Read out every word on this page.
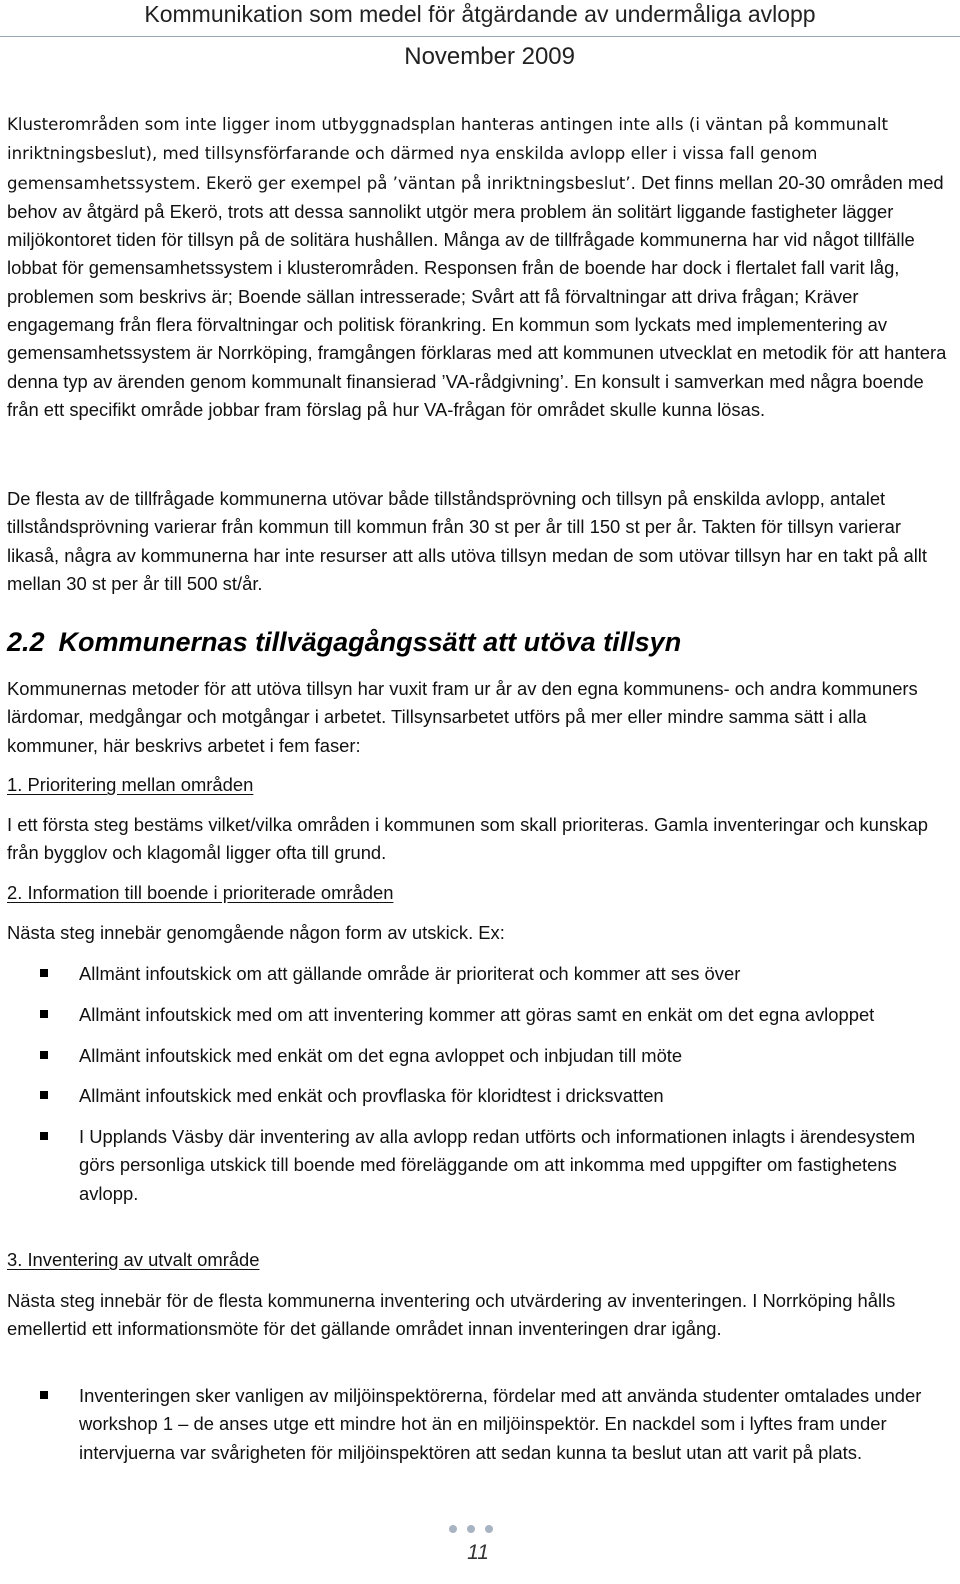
Kommunikation som medel för åtgärdande av undermåliga avlopp
November 2009

Klusterområden som inte ligger inom utbyggnadsplan hanteras antingen inte alls (i väntan på kommunalt inriktningsbeslut), med tillsynsförfarande och därmed nya enskilda avlopp eller i vissa fall genom gemensamhetssystem. Ekerö ger exempel på ’väntan på inriktningsbeslut’. Det finns mellan 20-30 områden med behov av åtgärd på Ekerö, trots att dessa sannolikt utgör mera problem än solitärt liggande fastigheter lägger miljökontoret tiden för tillsyn på de solitära hushållen. Många av de tillfrågade kommunerna har vid något tillfälle lobbat för gemensamhetssystem i klusterområden. Responsen från de boende har dock i flertalet fall varit låg, problemen som beskrivs är; Boende sällan intresserade; Svårt att få förvaltningar att driva frågan; Kräver engagemang från flera förvaltningar och politisk förankring. En kommun som lyckats med implementering av gemensamhetssystem är Norrköping, framgången förklaras med att kommunen utvecklat en metodik för att hantera denna typ av ärenden genom kommunalt finansierad ’VA-rådgivning’. En konsult i samverkan med några boende från ett specifikt område jobbar fram förslag på hur VA-frågan för området skulle kunna lösas.

De flesta av de tillfrågade kommunerna utövar både tillståndsprövning och tillsyn på enskilda avlopp, antalet tillståndsprövning varierar från kommun till kommun från 30 st per år till 150 st per år. Takten för tillsyn varierar likaså, några av kommunerna har inte resurser att alls utöva tillsyn medan de som utövar tillsyn har en takt på allt mellan 30 st per år till 500 st/år.

2.2 Kommunernas tillvägagångssätt att utöva tillsyn

Kommunernas metoder för att utöva tillsyn har vuxit fram ur år av den egna kommunens- och andra kommuners lärdomar, medgångar och motgångar i arbetet. Tillsynsarbetet utförs på mer eller mindre samma sätt i alla kommuner, här beskrivs arbetet i fem faser:

1. Prioritering mellan områden

I ett första steg bestäms vilket/vilka områden i kommunen som skall prioriteras. Gamla inventeringar och kunskap från bygglov och klagomål ligger ofta till grund.

2. Information till boende i prioriterade områden

Nästa steg innebär genomgående någon form av utskick. Ex:

Allmänt infoutskick om att gällande område är prioriterat och kommer att ses över
Allmänt infoutskick med om att inventering kommer att göras samt en enkät om det egna avloppet
Allmänt infoutskick med enkät om det egna avloppet och inbjudan till möte
Allmänt infoutskick med enkät och provflaska för kloridtest i dricksvatten
I Upplands Väsby där inventering av alla avlopp redan utförts och informationen inlagts i ärendesystem görs personliga utskick till boende med föreläggande om att inkomma med uppgifter om fastighetens avlopp.
3. Inventering av utvalt område

Nästa steg innebär för de flesta kommunerna inventering och utvärdering av inventeringen. I Norrköping hålls emellertid ett informationsmöte för det gällande området innan inventeringen drar igång.

Inventeringen sker vanligen av miljöinspektörerna, fördelar med att använda studenter omtalades under workshop 1 – de anses utge ett mindre hot än en miljöinspektör. En nackdel som i lyftes fram under intervjuerna var svårigheten för miljöinspektören att sedan kunna ta beslut utan att varit på plats.
11
